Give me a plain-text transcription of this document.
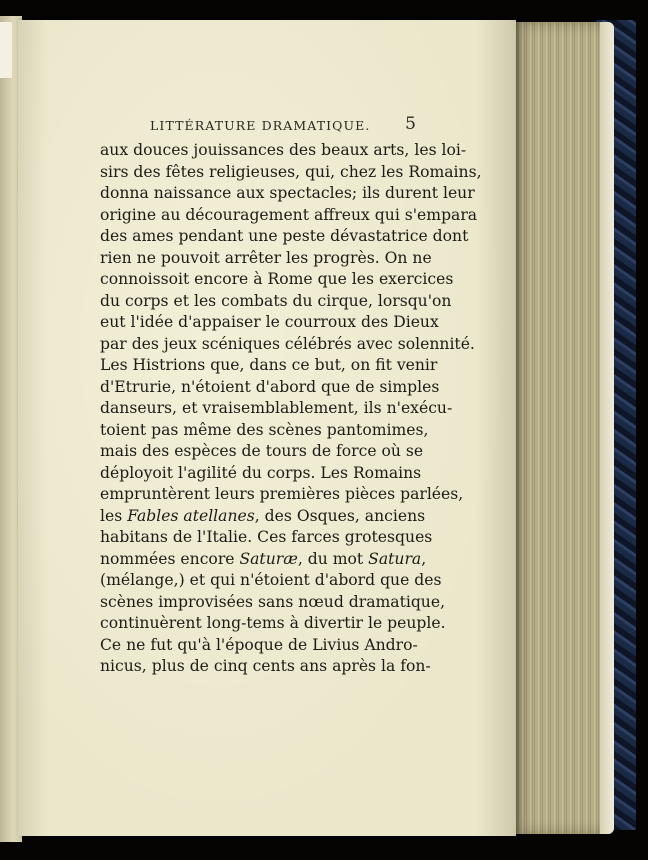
LITTÉRATURE DRAMATIQUE. 5
aux douces jouissances des beaux arts, les loi-
sirs des fêtes religieuses, qui, chez les Romains,
donna naissance aux spectacles; ils durent leur
origine au découragement affreux qui s'empara
des ames pendant une peste dévastatrice dont
rien ne pouvoit arrêter les progrès. On ne
connoissoit encore à Rome que les exercices
du corps et les combats du cirque, lorsqu'on
eut l'idée d'appaiser le courroux des Dieux
par des jeux scéniques célébrés avec solennité.
Les Histrions que, dans ce but, on fit venir
d'Etrurie, n'étoient d'abord que de simples
danseurs, et vraisemblablement, ils n'exécu-
toient pas même des scènes pantomimes,
mais des espèces de tours de force où se
déployoit l'agilité du corps. Les Romains
empruntèrent leurs premières pièces parlées,
les Fables atellanes, des Osques, anciens
habitans de l'Italie. Ces farces grotesques
nommées encore Saturæ, du mot Satura,
(mélange,) et qui n'étoient d'abord que des
scènes improvisées sans nœud dramatique,
continuèrent long-tems à divertir le peuple.
Ce ne fut qu'à l'époque de Livius Andro-
nicus, plus de cinq cents ans après la fon-
